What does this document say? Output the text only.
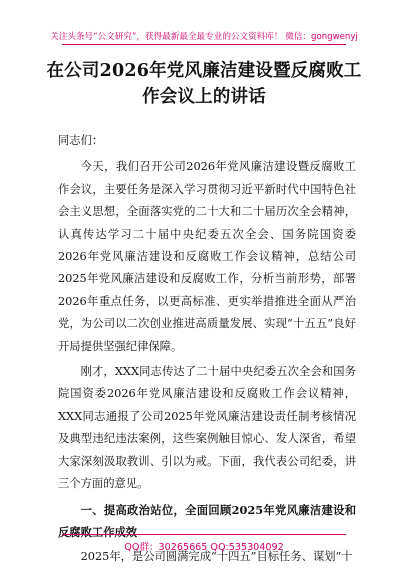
关注头条号“公文研究”，获得最新最全最专业的公文资料库！ 微信：gongwenyj
在公司2026年党风廉洁建设暨反腐败工
作会议上的讲话

同志们：

今天，我们召开公司2026年党风廉洁建设暨反腐败工作会议，主要任务是深入学习贯彻习近平新时代中国特色社会主义思想，全面落实党的二十大和二十届历次全会精神，认真传达学习二十届中央纪委五次全会、国务院国资委2026年党风廉洁建设和反腐败工作会议精神，总结公司2025年党风廉洁建设和反腐败工作，分析当前形势，部署2026年重点任务，以更高标准、更实举措推进全面从严治党，为公司以二次创业推进高质量发展、实现“十五五”良好开局提供坚强纪律保障。

刚才，XXX同志传达了二十届中央纪委五次全会和国务院国资委2026年党风廉洁建设和反腐败工作会议精神，XXX同志通报了公司2025年党风廉洁建设责任制考核情况及典型违纪违法案例，这些案例触目惊心、发人深省，希望大家深刻汲取教训、引以为戒。下面，我代表公司纪委，讲三个方面的意见。

一、提高政治站位，全面回顾2025年党风廉洁建设和反腐败工作成效

2025年，是公司圆满完成“十四五”目标任务、谋划“十

QQ群：30265665 QQ:535304092
